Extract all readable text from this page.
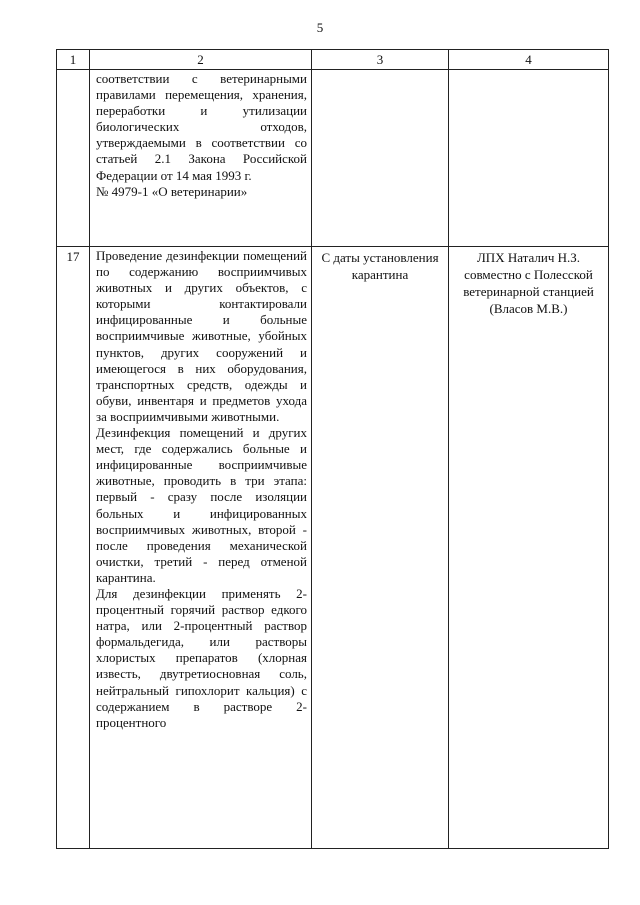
5
1	2	3	4

	соответствии с ветеринарными правилами перемещения, хранения, переработки и утилизации биологических отходов, утверждаемыми в соответствии со статьей 2.1 Закона Российской Федерации от 14 мая 1993 г.

№ 4979-1 «О ветеринарии»		

17	Проведение дезинфекции помещений по содержанию восприимчивых животных и других объектов, с которыми контактировали инфицированные и больные восприимчивые животные, убойных пунктов, других сооружений и имеющегося в них оборудования, транспортных средств, одежды и обуви, инвентаря и предметов ухода за восприимчивыми животными.

Дезинфекция помещений и других мест, где содержались больные и инфицированные восприимчивые животные, проводить в три этапа: первый - сразу после изоляции больных и инфицированных восприимчивых животных, второй - после проведения механической очистки, третий - перед отменой карантина.

Для дезинфекции применять 2-процентный горячий раствор едкого натра, или 2-процентный раствор формальдегида, или растворы хлористых препаратов (хлорная известь, двутретиосновная соль, нейтральный гипохлорит кальция) с содержанием в растворе 2-процентного	С даты установления карантина	ЛПХ Наталич Н.З. совместно с Полесской ветеринарной станцией (Власов М.В.)
